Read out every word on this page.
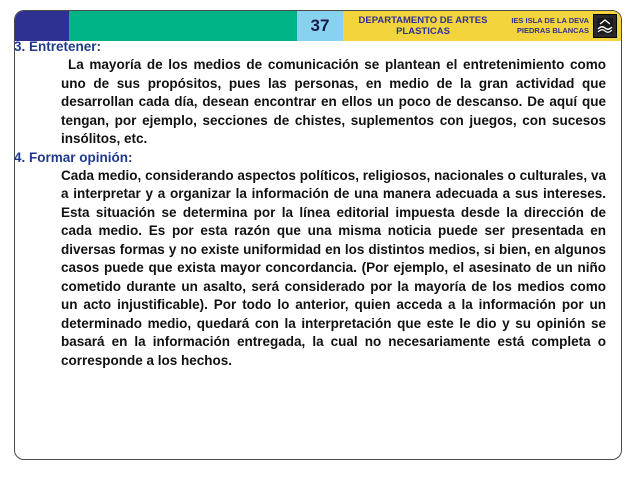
37	DEPARTAMENTO DE ARTES
PLASTICAS
IES ISLA DE LA DEVA
PIEDRAS BLANCAS

3. Entretener:

La mayoría de los medios de comunicación se plantean el entretenimiento como uno de sus propósitos, pues las personas, en medio de la gran actividad que desarrollan cada día, desean encontrar en ellos un poco de descanso. De aquí que tengan, por ejemplo, secciones de chistes, suplementos con juegos, con sucesos insólitos, etc.

4. Formar opinión:

Cada medio, considerando aspectos políticos, religiosos, nacionales o culturales, va a interpretar y a organizar la información de una manera adecuada a sus intereses. Esta situación se determina por la línea editorial impuesta desde la dirección de cada medio. Es por esta razón que una misma noticia puede ser presentada en diversas formas y no existe uniformidad en los distintos medios, si bien, en algunos casos puede que exista mayor concordancia. (Por ejemplo, el asesinato de un niño cometido durante un asalto, será considerado por la mayoría de los medios como un acto injustificable). Por todo lo anterior, quien acceda a la información por un determinado medio, quedará con la interpretación que este le dio y su opinión se basará en la información entregada, la cual no necesariamente está completa o corresponde a los hechos.
